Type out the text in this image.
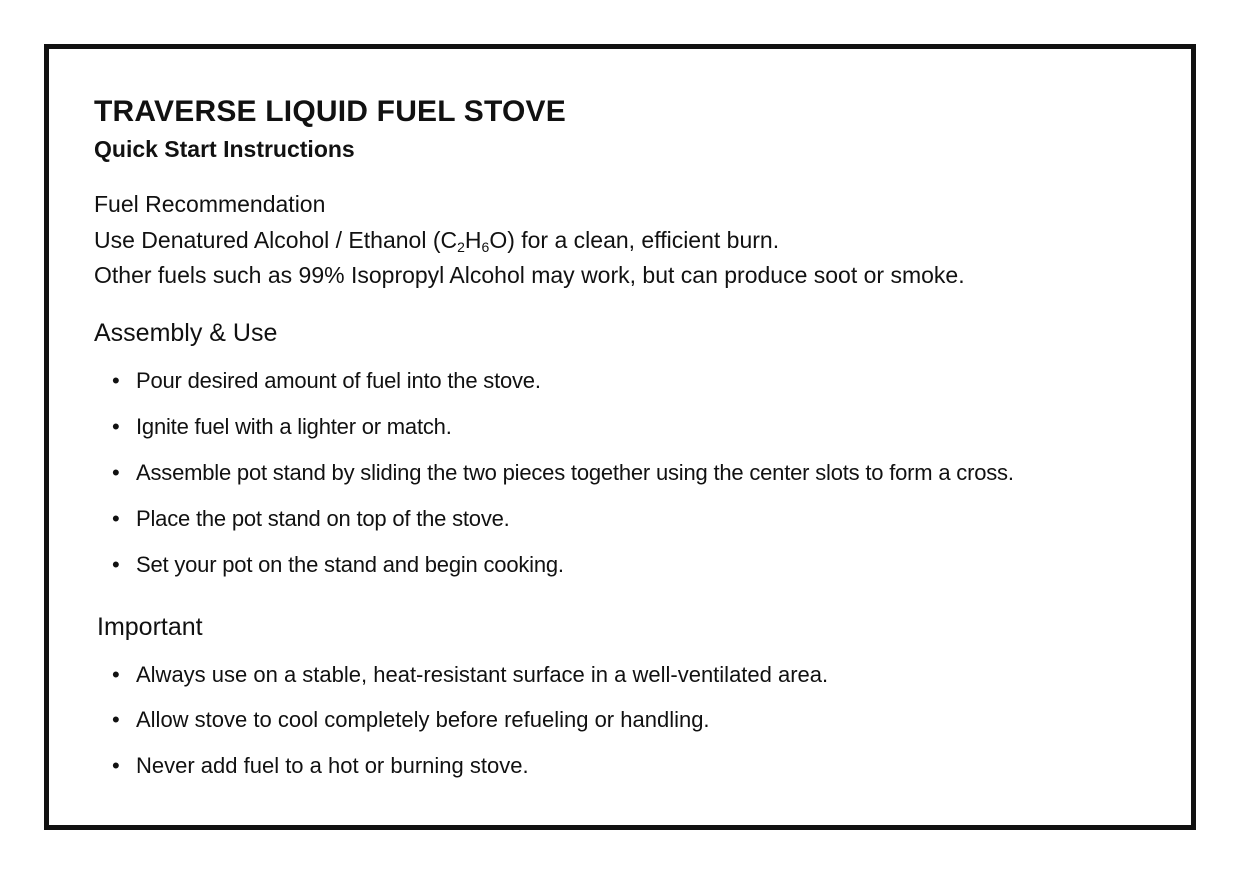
TRAVERSE LIQUID FUEL STOVE
Quick Start Instructions

Fuel Recommendation

Use Denatured Alcohol / Ethanol $(C_2H_6O)$ for a clean, efficient burn.

Other fuels such as 99% Isopropyl Alcohol may work, but can produce soot or smoke.

Assembly & Use
• Pour desired amount of fuel into the stove.
• Ignite fuel with a lighter or match.
• Assemble pot stand by sliding the two pieces together using the center slots to form a cross.
• Place the pot stand on top of the stove.
• Set your pot on the stand and begin cooking.
Important
• Always use on a stable, heat-resistant surface in a well-ventilated area.
• Allow stove to cool completely before refueling or handling.
• Never add fuel to a hot or burning stove.
